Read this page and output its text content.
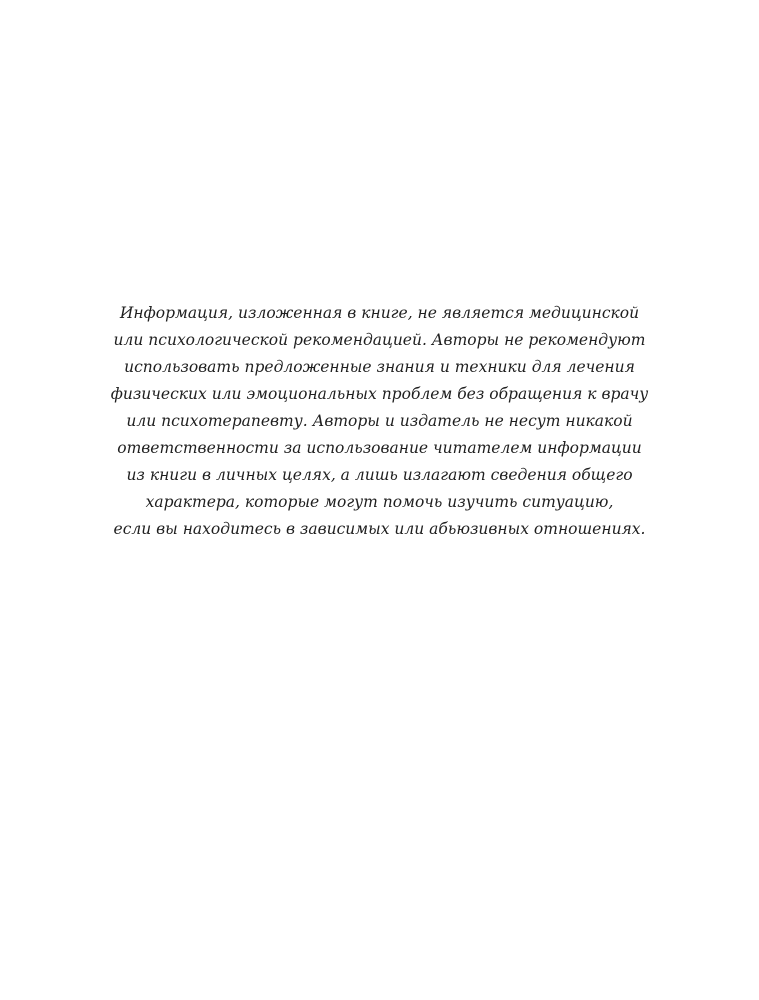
Информация, изложенная в книге, не является медицинской
или психологической рекомендацией. Авторы не рекомендуют
использовать предложенные знания и техники для лечения
физических или эмоциональных проблем без обращения к врачу
или психотерапевту. Авторы и издатель не несут никакой
ответственности за использование читателем информации
из книги в личных целях, а лишь излагают сведения общего
характера, которые могут помочь изучить ситуацию,
если вы находитесь в зависимых или абьюзивных отношениях.
